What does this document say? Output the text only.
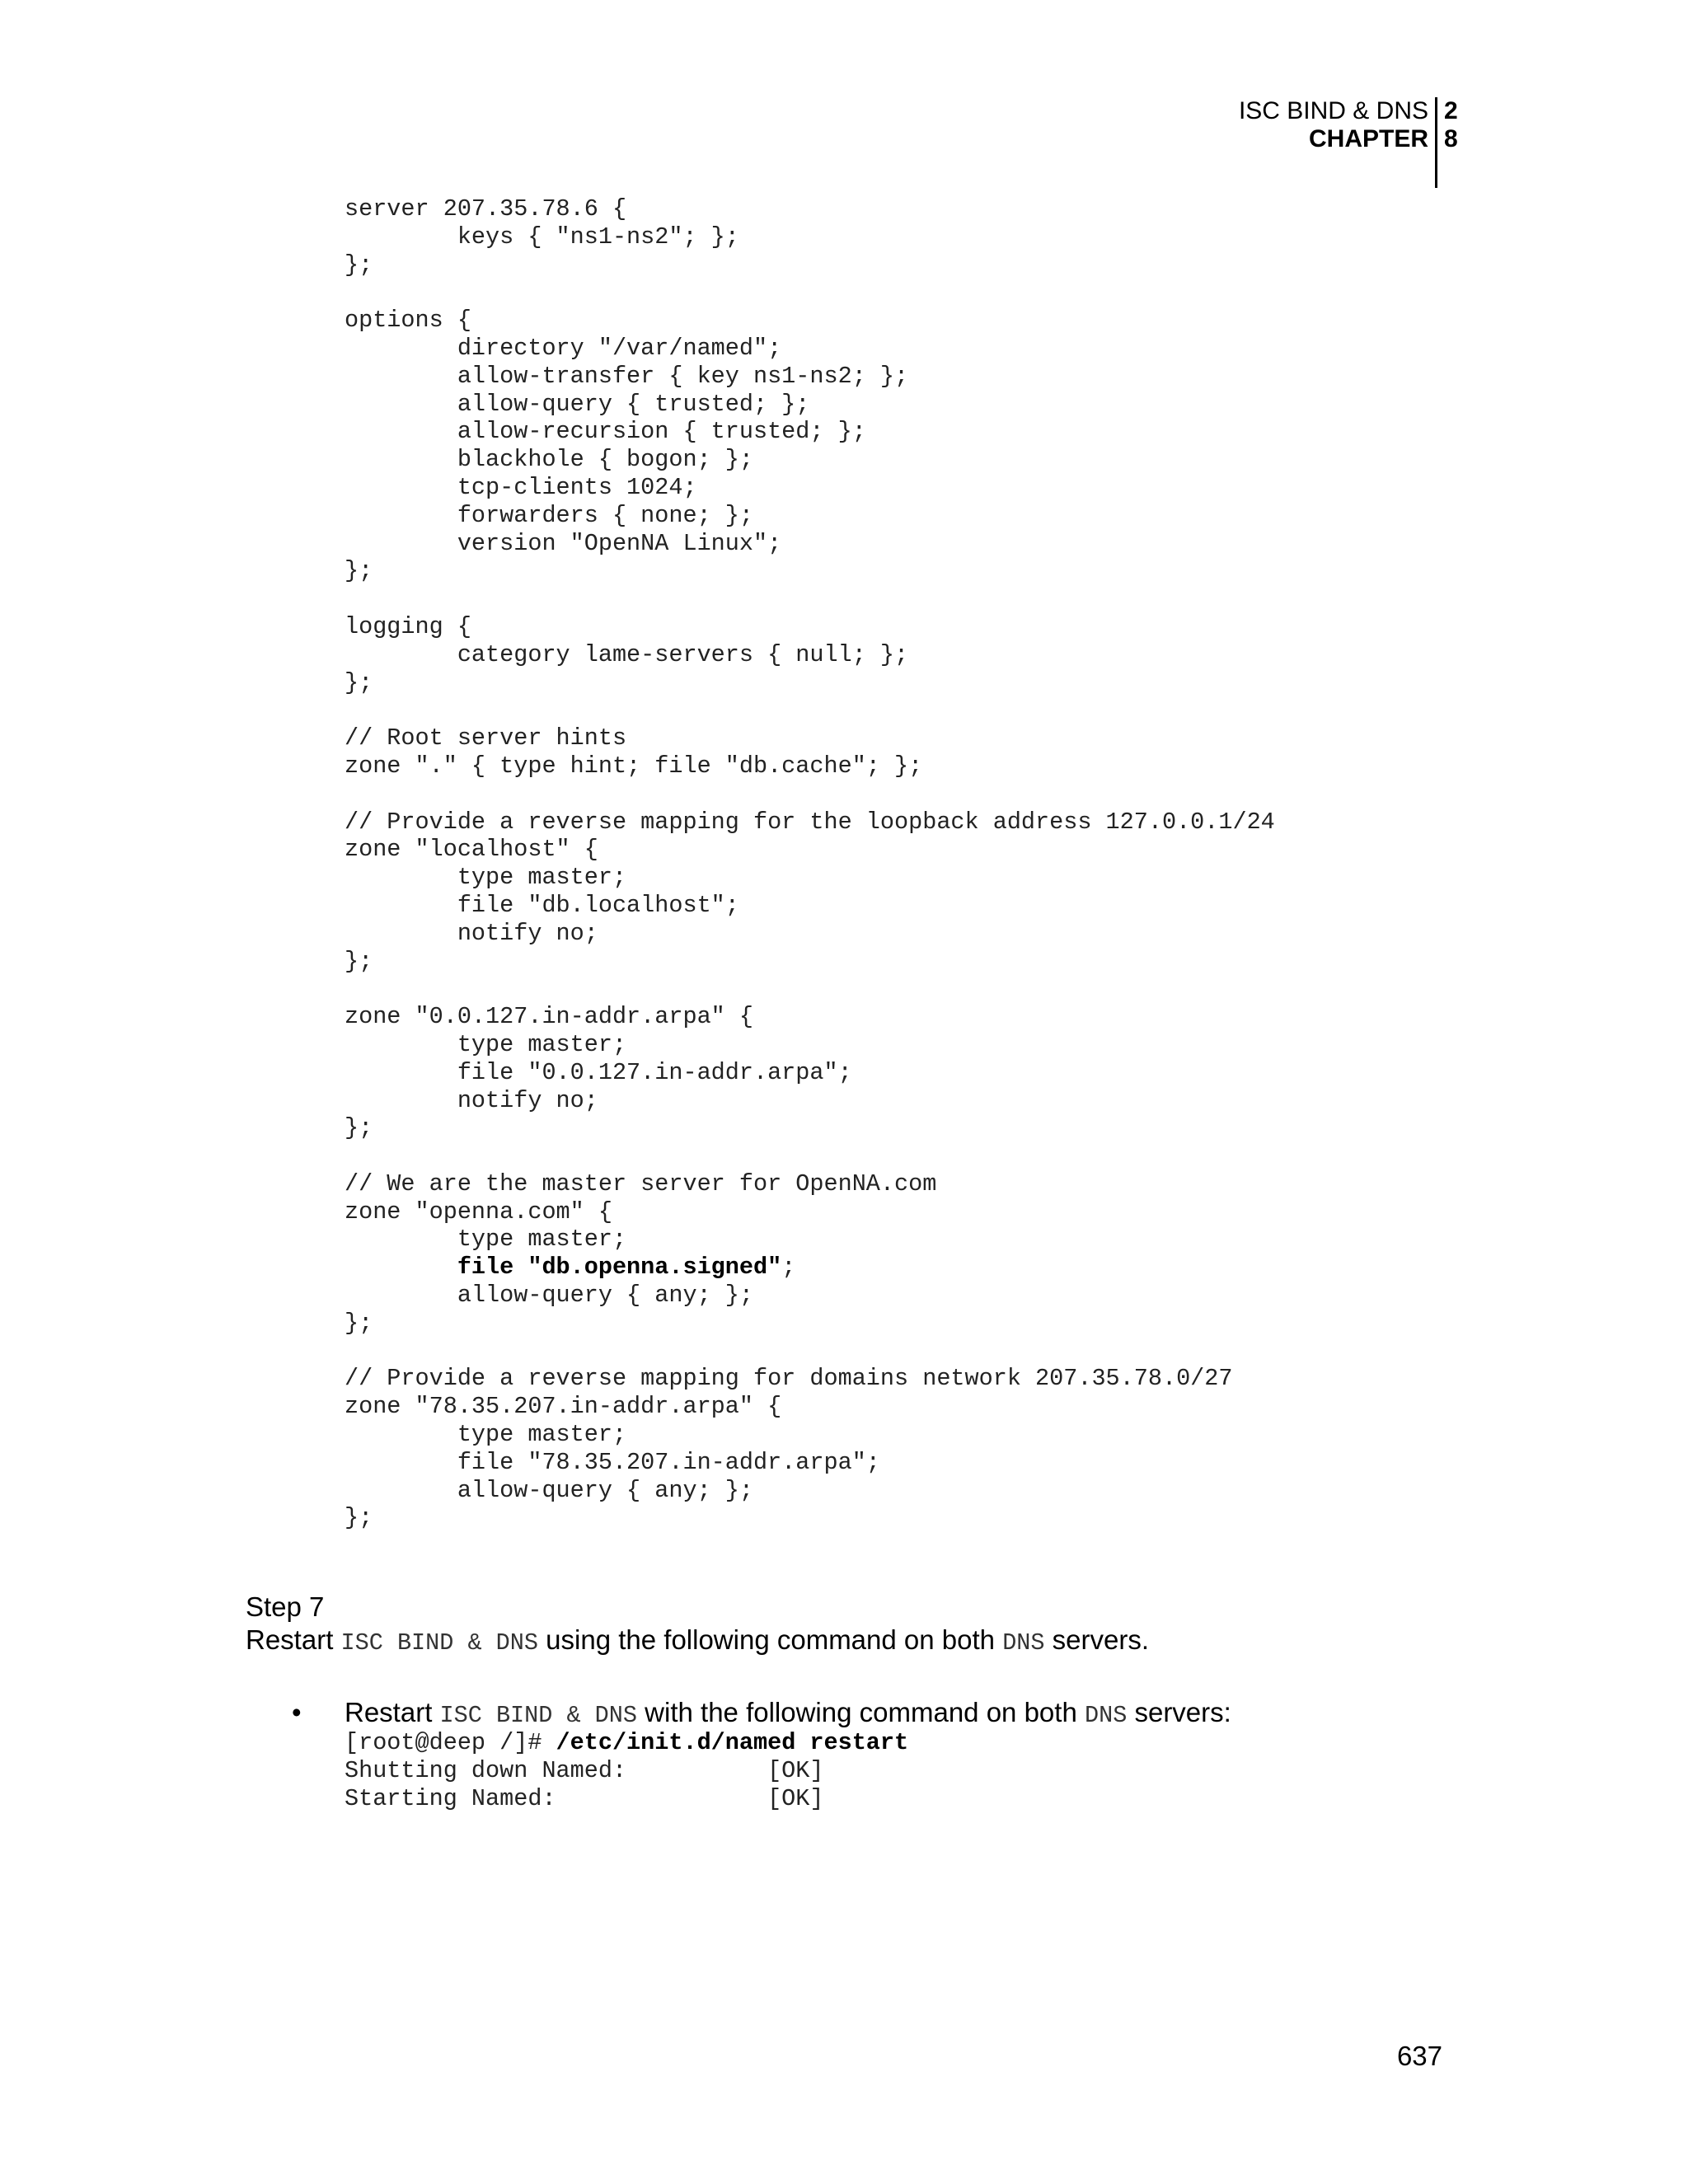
ISC BIND & DNS 2
CHAPTER 8
server 207.35.78.6 {
keys { "ns1-ns2"; };
};

options {
directory "/var/named";
allow-transfer { key ns1-ns2; };
allow-query { trusted; };
allow-recursion { trusted; };
blackhole { bogon; };
tcp-clients 1024;
forwarders { none; };
version "OpenNA Linux";
};

logging {
category lame-servers { null; };
};

// Root server hints
zone "." { type hint; file "db.cache"; };

// Provide a reverse mapping for the loopback address 127.0.0.1/24
zone "localhost" {
type master;
file "db.localhost";
notify no;
};

zone "0.0.127.in-addr.arpa" {
type master;
file "0.0.127.in-addr.arpa";
notify no;
};

// We are the master server for OpenNA.com
zone "openna.com" {
type master;
file "db.openna.signed";
allow-query { any; };
};

// Provide a reverse mapping for domains network 207.35.78.0/27
zone "78.35.207.in-addr.arpa" {
type master;
file "78.35.207.in-addr.arpa";
allow-query { any; };
};
Step 7
Restart ISC BIND & DNS using the following command on both DNS servers.
• Restart ISC BIND & DNS with the following command on both DNS servers:
[root@deep /]# /etc/init.d/named restart
Shutting down Named:          [OK]
Starting Named:               [OK]
637
